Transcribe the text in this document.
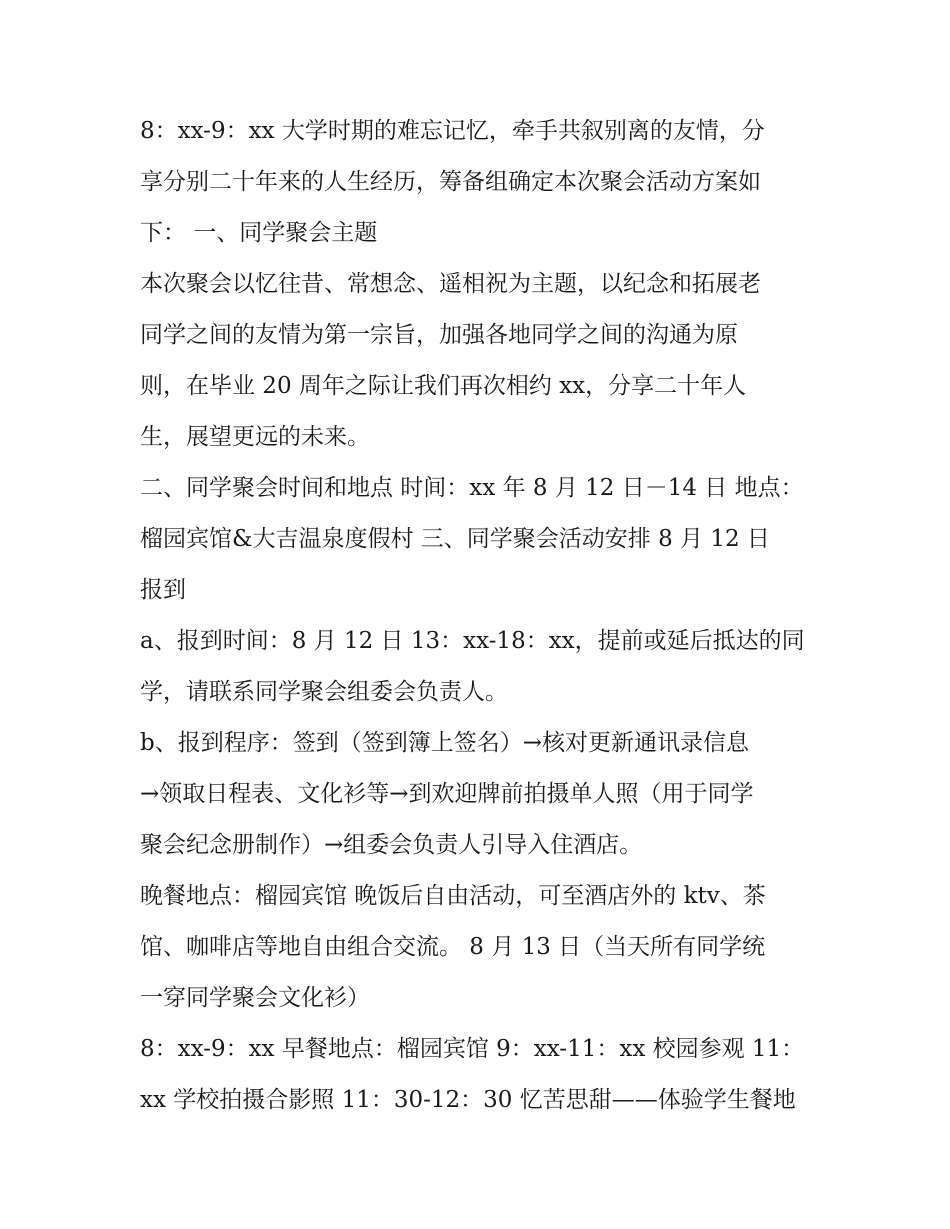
8：xx-9：xx 大学时期的难忘记忆，牵手共叙别离的友情，分
享分别二十年来的人生经历，筹备组确定本次聚会活动方案如
下： 一、同学聚会主题

本次聚会以忆往昔、常想念、遥相祝为主题，以纪念和拓展老
同学之间的友情为第一宗旨，加强各地同学之间的沟通为原
则，在毕业 20 周年之际让我们再次相约 xx，分享二十年人
生，展望更远的未来。

二、同学聚会时间和地点 时间：xx 年 8 月 12 日－14 日 地点：
榴园宾馆&大吉温泉度假村 三、同学聚会活动安排 8 月 12 日
报到

a、报到时间：8 月 12 日 13：xx-18：xx，提前或延后抵达的同
学，请联系同学聚会组委会负责人。

b、报到程序：签到（签到簿上签名）→核对更新通讯录信息
→领取日程表、文化衫等→到欢迎牌前拍摄单人照（用于同学
聚会纪念册制作）→组委会负责人引导入住酒店。

晚餐地点：榴园宾馆 晚饭后自由活动，可至酒店外的 ktv、茶
馆、咖啡店等地自由组合交流。 8 月 13 日（当天所有同学统
一穿同学聚会文化衫）

8：xx-9：xx 早餐地点：榴园宾馆 9：xx-11：xx 校园参观 11：
xx 学校拍摄合影照 11：30-12：30 忆苦思甜——体验学生餐地
